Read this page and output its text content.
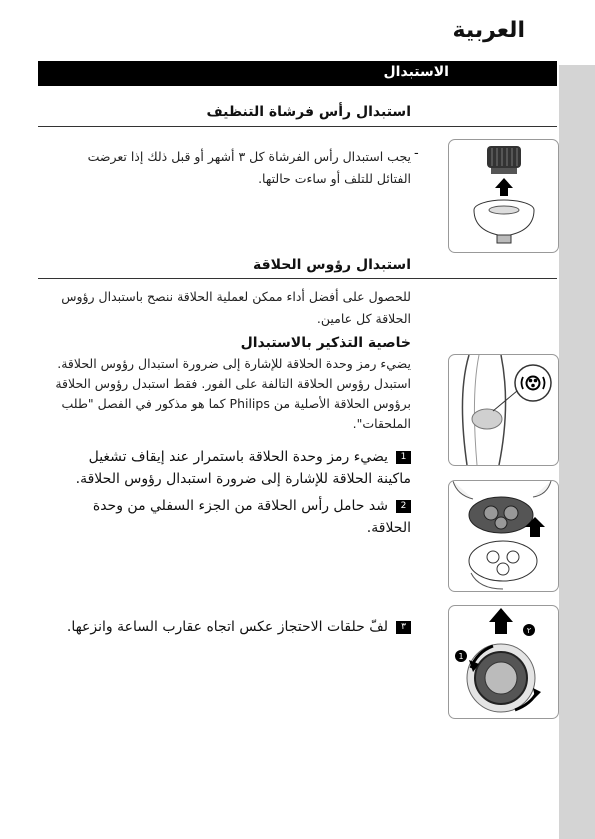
العربية
الاستبدال
استبدال رأس فرشاة التنظيف
-
يجب استبدال رأس الفرشاة كل ٣ أشهر أو قبل ذلك إذا تعرضت الفتائل للتلف أو ساءت حالتها.
استبدال رؤوس الحلاقة
للحصول على أفضل أداء ممكن لعملية الحلاقة ننصح باستبدال رؤوس الحلاقة كل عامين.
خاصية التذكير بالاستبدال
يضيء رمز وحدة الحلاقة للإشارة إلى ضرورة استبدال رؤوس الحلاقة. استبدل رؤوس الحلاقة التالفة على الفور. فقط استبدل رؤوس الحلاقة برؤوس الحلاقة الأصلية من Philips كما هو مذكور في الفصل "طلب الملحقات".
1يضيء رمز وحدة الحلاقة باستمرار عند إيقاف تشغيل ماكينة الحلاقة للإشارة إلى ضرورة استبدال رؤوس الحلاقة.
2شد حامل رأس الحلاقة من الجزء السفلي من وحدة الحلاقة.
٣لفّ حلقات الاحتجاز عكس اتجاه عقارب الساعة وانزعها.
1
٢
